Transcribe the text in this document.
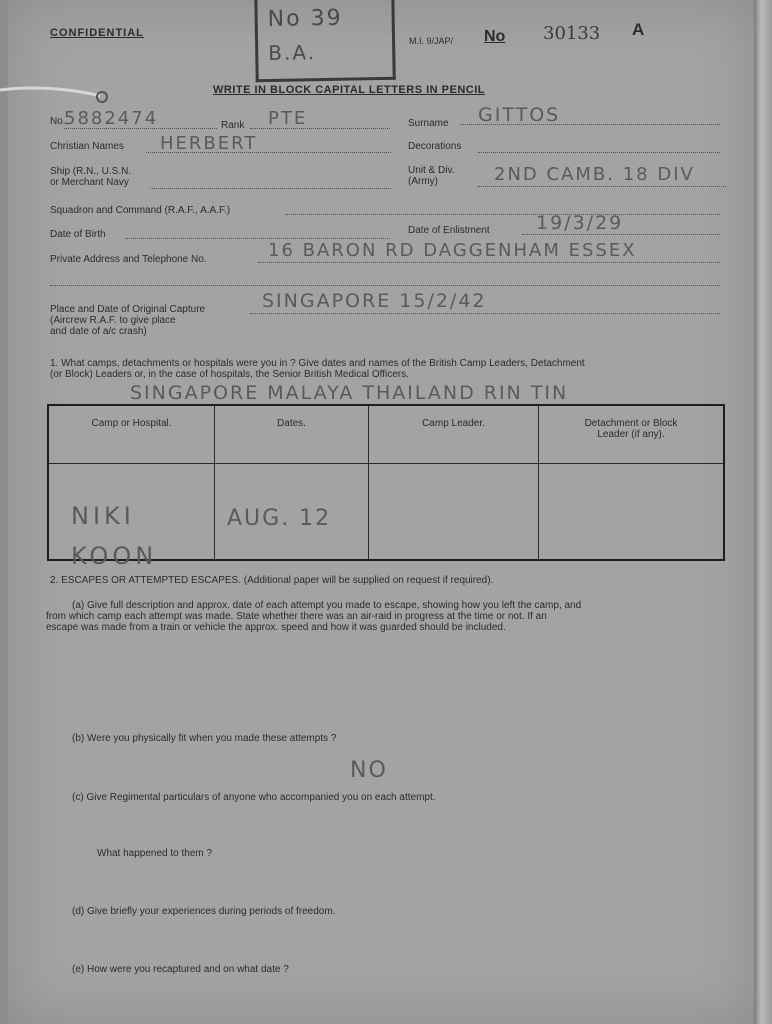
CONFIDENTIAL
No 39
B.A.	M.I. 9/JAP/ No 30133 A
WRITE IN BLOCK CAPITAL LETTERS IN PENCIL
No.
5882474	Rank PTE	Surname GITTOS
Christian Names HERBERT	Decorations
Ship (R.N., U.S.N.
or Merchant Navy
Unit & Div.
(Army)	2ND CAMB. 18 DIV
Squadron and Command (R.A.F., A.A.F.)
Date of Birth	Date of Enlistment 19/3/29
Private Address and Telephone No.	16 BARON RD DAGGENHAM ESSEX
Place and Date of Original Capture
(Aircrew R.A.F. to give place
and date of a/c crash)
SINGAPORE 15/2/42
1. What camps, detachments or hospitals were you in ? Give dates and names of the British Camp Leaders, Detachment
(or Block) Leaders or, in the case of hospitals, the Senior British Medical Officers.
SINGAPORE MALAYA THAILAND RIN TIN
Camp or Hospital.	Dates.	Camp Leader.	Detachment or Block Leader (if any).

NIKI KOON	AUG. 12		

2. ESCAPES OR ATTEMPTED ESCAPES. (Additional paper will be supplied on request if required).
(a) Give full description and approx. date of each attempt you made to escape, showing how you left the camp, and
from which camp each attempt was made. State whether there was an air-raid in progress at the time or not. If an
escape was made from a train or vehicle the approx. speed and how it was guarded should be included.
(b) Were you physically fit when you made these attempts ?
NO
(c) Give Regimental particulars of anyone who accompanied you on each attempt.
What happened to them ?
(d) Give briefly your experiences during periods of freedom.
(e) How were you recaptured and on what date ?
